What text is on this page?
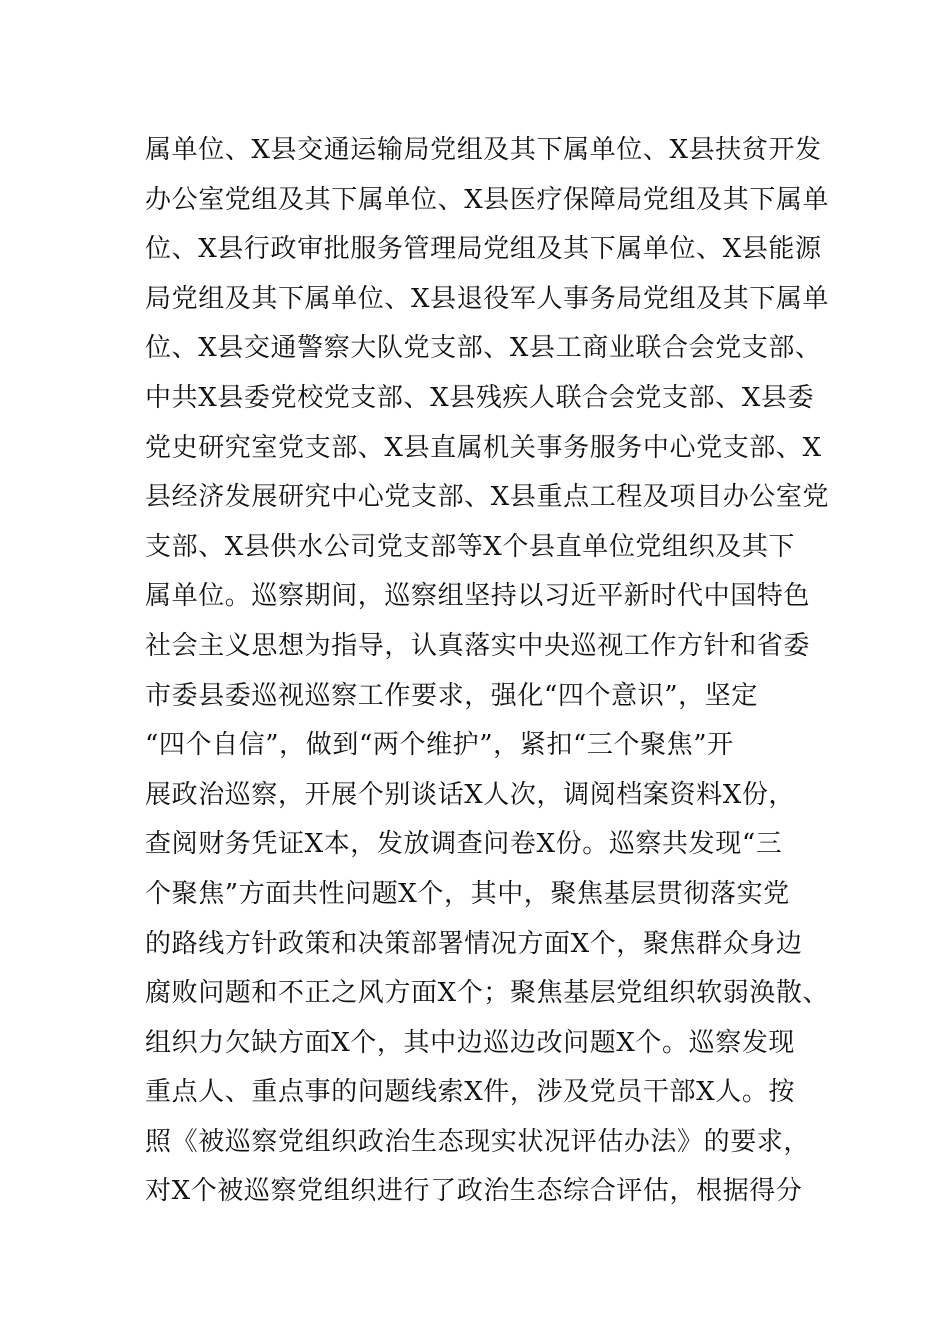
属单位、X县交通运输局党组及其下属单位、X县扶贫开发
办公室党组及其下属单位、X县医疗保障局党组及其下属单
位、X县行政审批服务管理局党组及其下属单位、X县能源
局党组及其下属单位、X县退役军人事务局党组及其下属单
位、X县交通警察大队党支部、X县工商业联合会党支部、
中共X县委党校党支部、X县残疾人联合会党支部、X县委
党史研究室党支部、X县直属机关事务服务中心党支部、X
县经济发展研究中心党支部、X县重点工程及项目办公室党
支部、X县供水公司党支部等X个县直单位党组织及其下
属单位。巡察期间，巡察组坚持以习近平新时代中国特色
社会主义思想为指导，认真落实中央巡视工作方针和省委
市委县委巡视巡察工作要求，强化“四个意识”，坚定
“四个自信”，做到“两个维护”，紧扣“三个聚焦”开
展政治巡察，开展个别谈话X人次，调阅档案资料X份，
查阅财务凭证X本，发放调查问卷X份。巡察共发现“三
个聚焦”方面共性问题X个，其中，聚焦基层贯彻落实党
的路线方针政策和决策部署情况方面X个，聚焦群众身边
腐败问题和不正之风方面X个；聚焦基层党组织软弱涣散、
组织力欠缺方面X个，其中边巡边改问题X个。巡察发现
重点人、重点事的问题线索X件，涉及党员干部X人。按
照《被巡察党组织政治生态现实状况评估办法》的要求，
对X个被巡察党组织进行了政治生态综合评估，根据得分
